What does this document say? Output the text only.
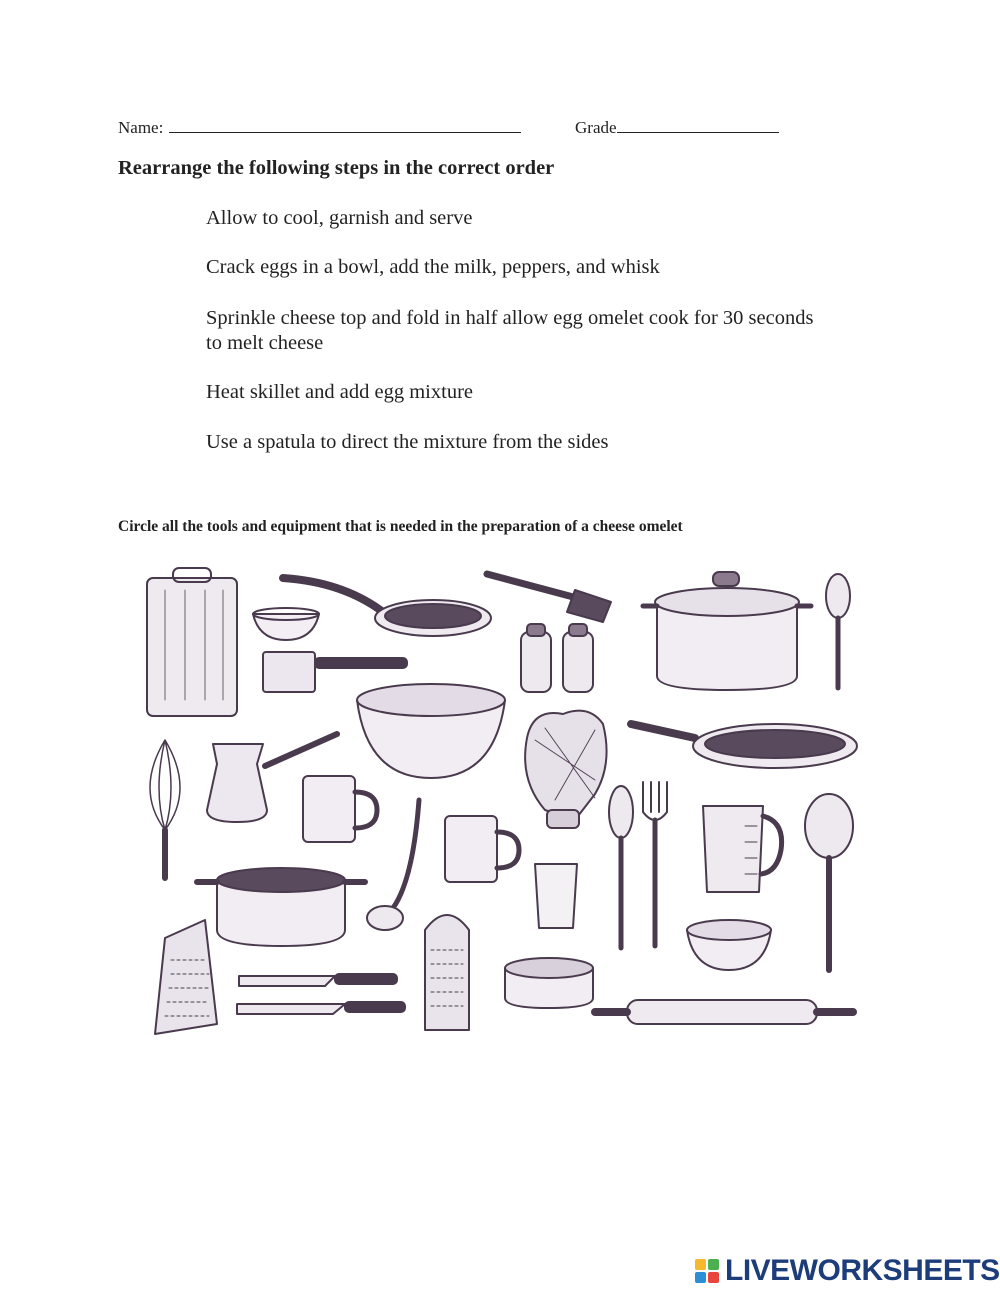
Name:	Grade
Rearrange the following steps in the correct order
Allow to cool, garnish and serve
Crack eggs in a bowl, add the milk, peppers, and whisk
Sprinkle cheese top and fold in half allow egg omelet cook for 30 seconds to melt cheese
Heat skillet and add egg mixture
Use a spatula to direct the mixture from the sides
Circle all the tools and equipment that is needed in the preparation of a cheese omelet
LIVEWORKSHEETS
